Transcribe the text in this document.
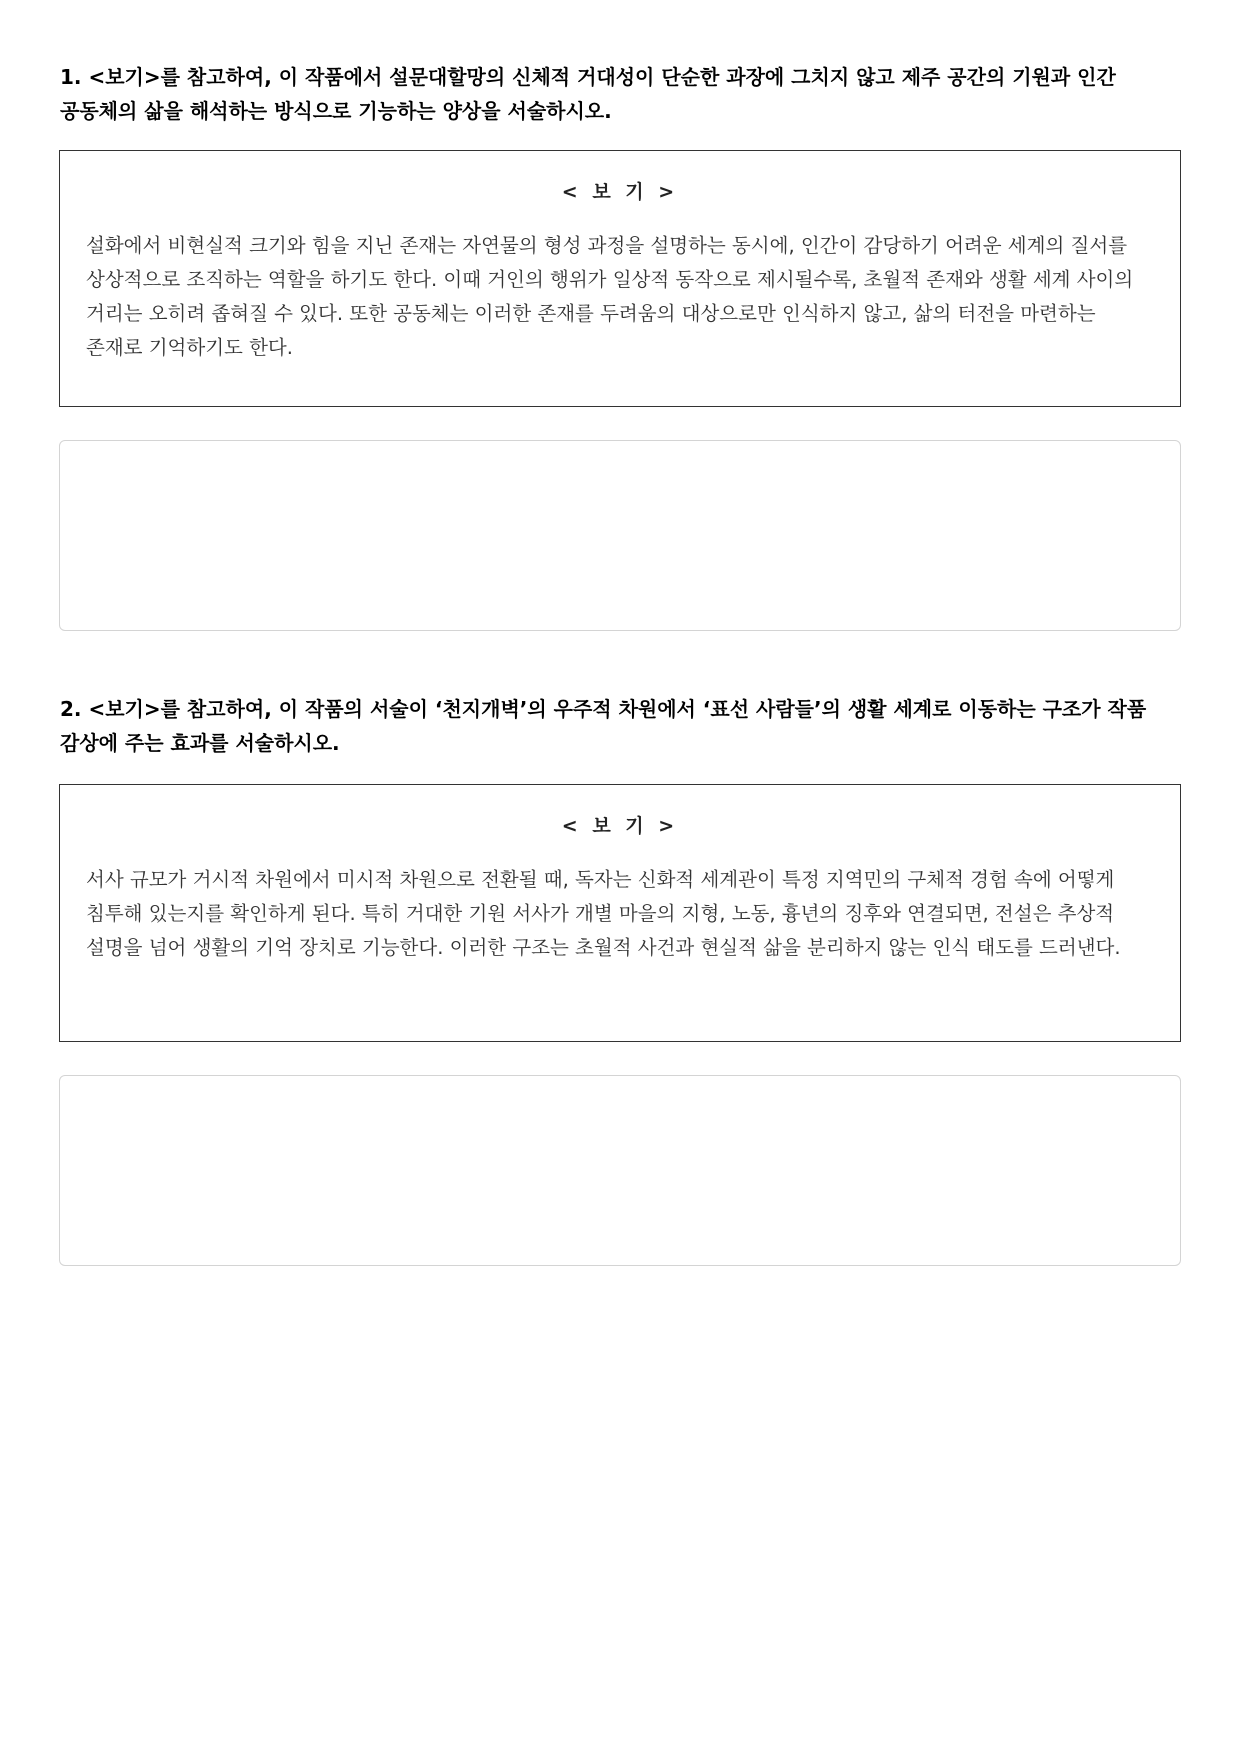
1. <보기>를 참고하여, 이 작품에서 설문대할망의 신체적 거대성이 단순한 과장에 그치지 않고 제주 공간의 기원과 인간 공동체의 삶을 해석하는 방식으로 기능하는 양상을 서술하시오.
< 보 기 >
설화에서 비현실적 크기와 힘을 지닌 존재는 자연물의 형성 과정을 설명하는 동시에, 인간이 감당하기 어려운 세계의 질서를 상상적으로 조직하는 역할을 하기도 한다. 이때 거인의 행위가 일상적 동작으로 제시될수록, 초월적 존재와 생활 세계 사이의 거리는 오히려 좁혀질 수 있다. 또한 공동체는 이러한 존재를 두려움의 대상으로만 인식하지 않고, 삶의 터전을 마련하는 존재로 기억하기도 한다.
2. <보기>를 참고하여, 이 작품의 서술이 ‘천지개벽’의 우주적 차원에서 ‘표선 사람들’의 생활 세계로 이동하는 구조가 작품 감상에 주는 효과를 서술하시오.
< 보 기 >
서사 규모가 거시적 차원에서 미시적 차원으로 전환될 때, 독자는 신화적 세계관이 특정 지역민의 구체적 경험 속에 어떻게 침투해 있는지를 확인하게 된다. 특히 거대한 기원 서사가 개별 마을의 지형, 노동, 흉년의 징후와 연결되면, 전설은 추상적 설명을 넘어 생활의 기억 장치로 기능한다. 이러한 구조는 초월적 사건과 현실적 삶을 분리하지 않는 인식 태도를 드러낸다.
